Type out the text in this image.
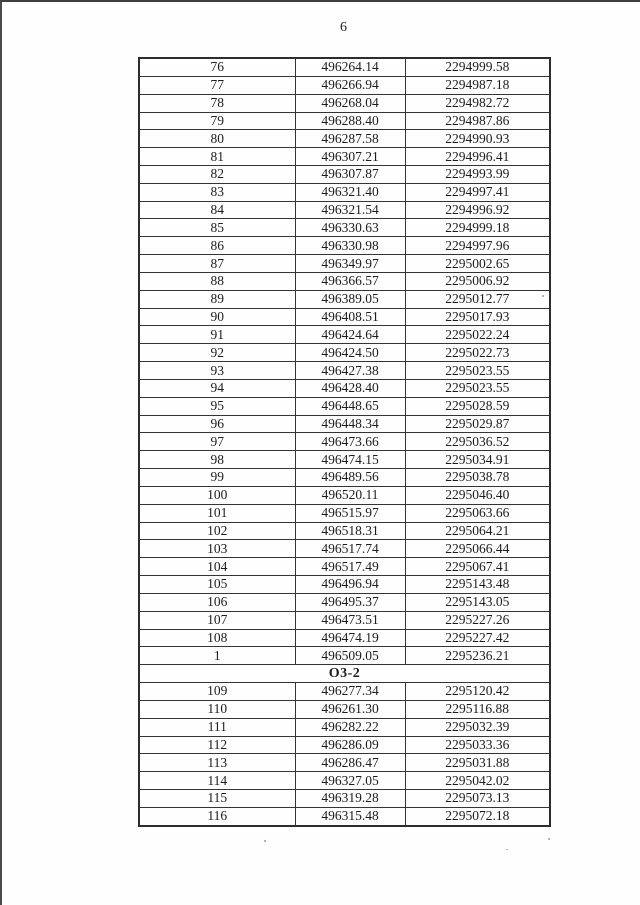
6
76	496264.14	2294999.58
77	496266.94	2294987.18
78	496268.04	2294982.72
79	496288.40	2294987.86
80	496287.58	2294990.93
81	496307.21	2294996.41
82	496307.87	2294993.99
83	496321.40	2294997.41
84	496321.54	2294996.92
85	496330.63	2294999.18
86	496330.98	2294997.96
87	496349.97	2295002.65
88	496366.57	2295006.92
89	496389.05	2295012.77
90	496408.51	2295017.93
91	496424.64	2295022.24
92	496424.50	2295022.73
93	496427.38	2295023.55
94	496428.40	2295023.55
95	496448.65	2295028.59
96	496448.34	2295029.87
97	496473.66	2295036.52
98	496474.15	2295034.91
99	496489.56	2295038.78
100	496520.11	2295046.40
101	496515.97	2295063.66
102	496518.31	2295064.21
103	496517.74	2295066.44
104	496517.49	2295067.41
105	496496.94	2295143.48
106	496495.37	2295143.05
107	496473.51	2295227.26
108	496474.19	2295227.42
1	496509.05	2295236.21
О3-2		
109	496277.34	2295120.42
110	496261.30	2295116.88
111	496282.22	2295032.39
112	496286.09	2295033.36
113	496286.47	2295031.88
114	496327.05	2295042.02
115	496319.28	2295073.13
116	496315.48	2295072.18
